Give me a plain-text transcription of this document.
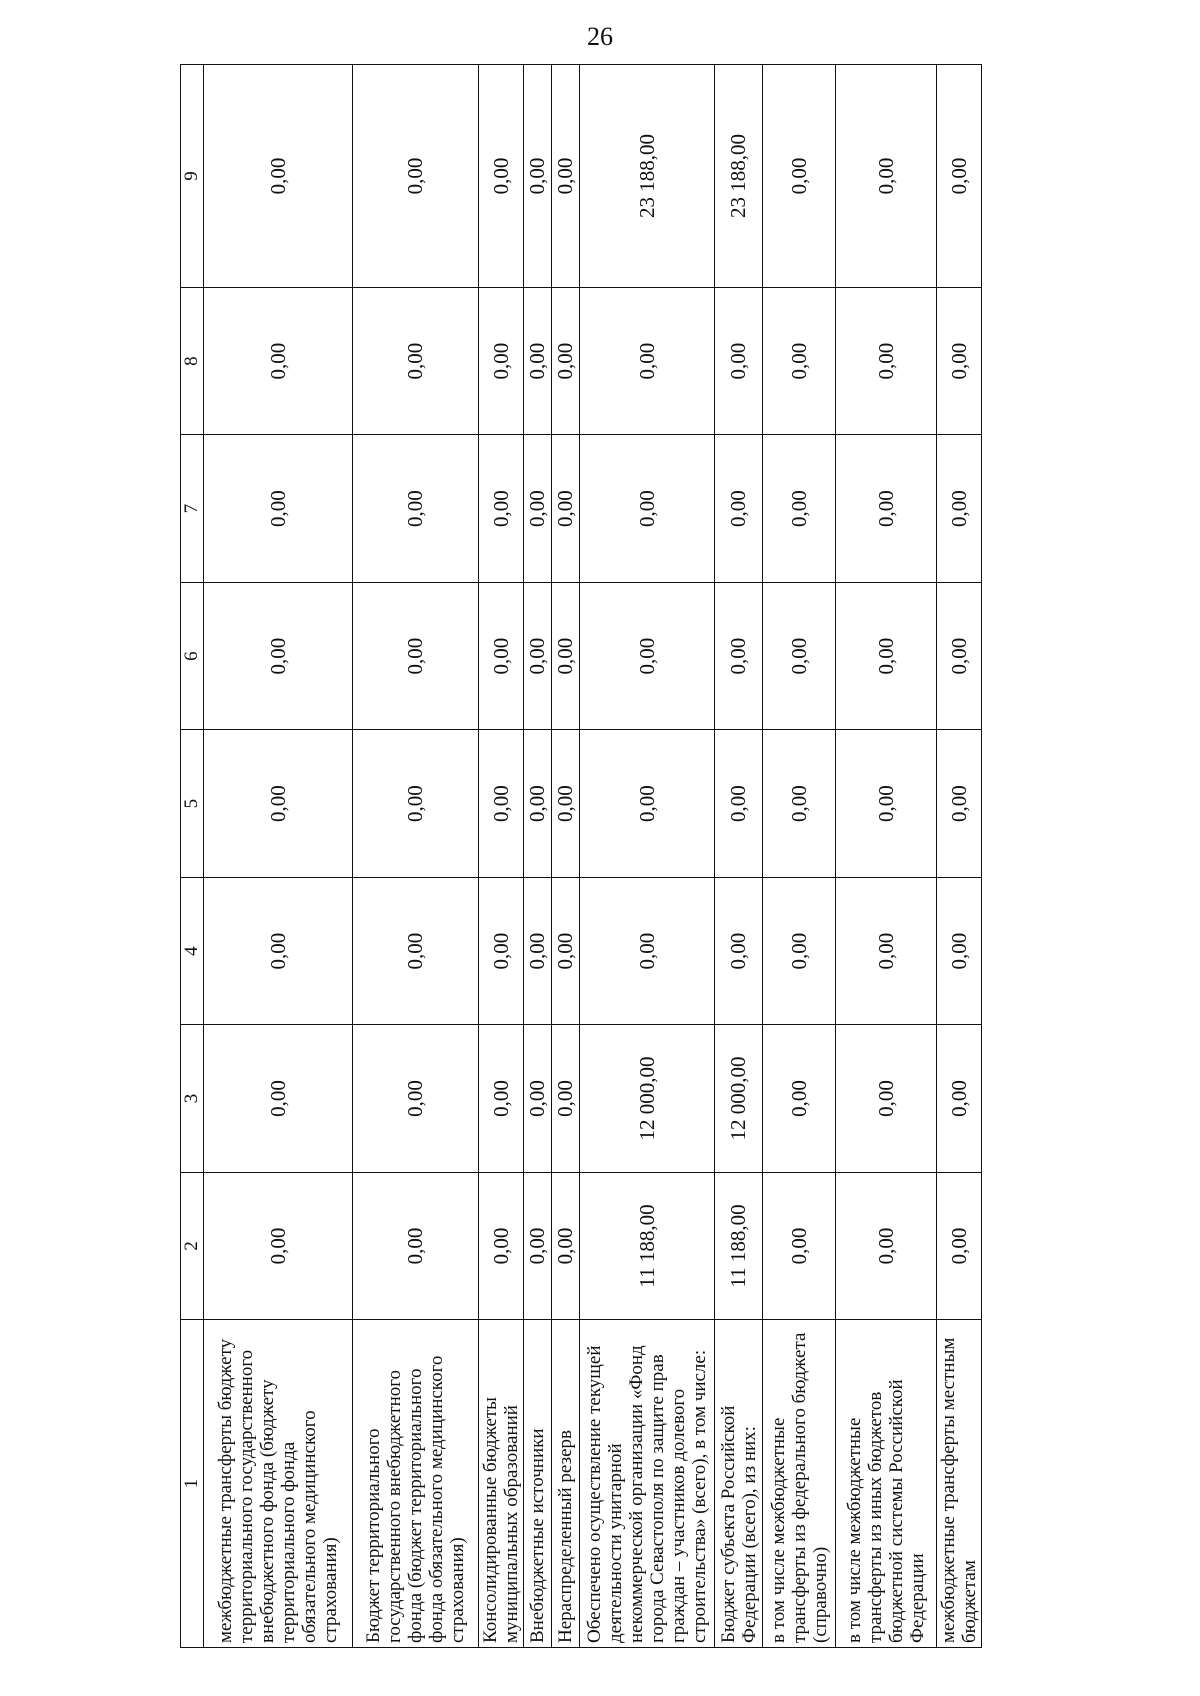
26
1	2	3	4	5	6	7	8	9
межбюджетные трансферты бюджету территориального государственного внебюджетного фонда (бюджету территориального фонда обязательного медицинского страхования)	0,00	0,00	0,00	0,00	0,00	0,00	0,00	0,00
Бюджет территориального государственного внебюджетного фонда (бюджет территориального фонда обязательного медицинского страхования)	0,00	0,00	0,00	0,00	0,00	0,00	0,00	0,00
Консолидированные бюджеты муниципальных образований	0,00	0,00	0,00	0,00	0,00	0,00	0,00	0,00
Внебюджетные источники	0,00	0,00	0,00	0,00	0,00	0,00	0,00	0,00
Нераспределенный резерв	0,00	0,00	0,00	0,00	0,00	0,00	0,00	0,00
Обеспечено осуществление текущей деятельности унитарной некоммерческой организации «Фонд города Севастополя по защите прав граждан – участников долевого строительства» (всего), в том числе:	11 188,00	12 000,00	0,00	0,00	0,00	0,00	0,00	23 188,00
Бюджет субъекта Российской Федерации (всего), из них:	11 188,00	12 000,00	0,00	0,00	0,00	0,00	0,00	23 188,00
в том числе межбюджетные трансферты из федерального бюджета (справочно)	0,00	0,00	0,00	0,00	0,00	0,00	0,00	0,00
в том числе межбюджетные трансферты из иных бюджетов бюджетной системы Российской Федерации	0,00	0,00	0,00	0,00	0,00	0,00	0,00	0,00
межбюджетные трансферты местным бюджетам	0,00	0,00	0,00	0,00	0,00	0,00	0,00	0,00
